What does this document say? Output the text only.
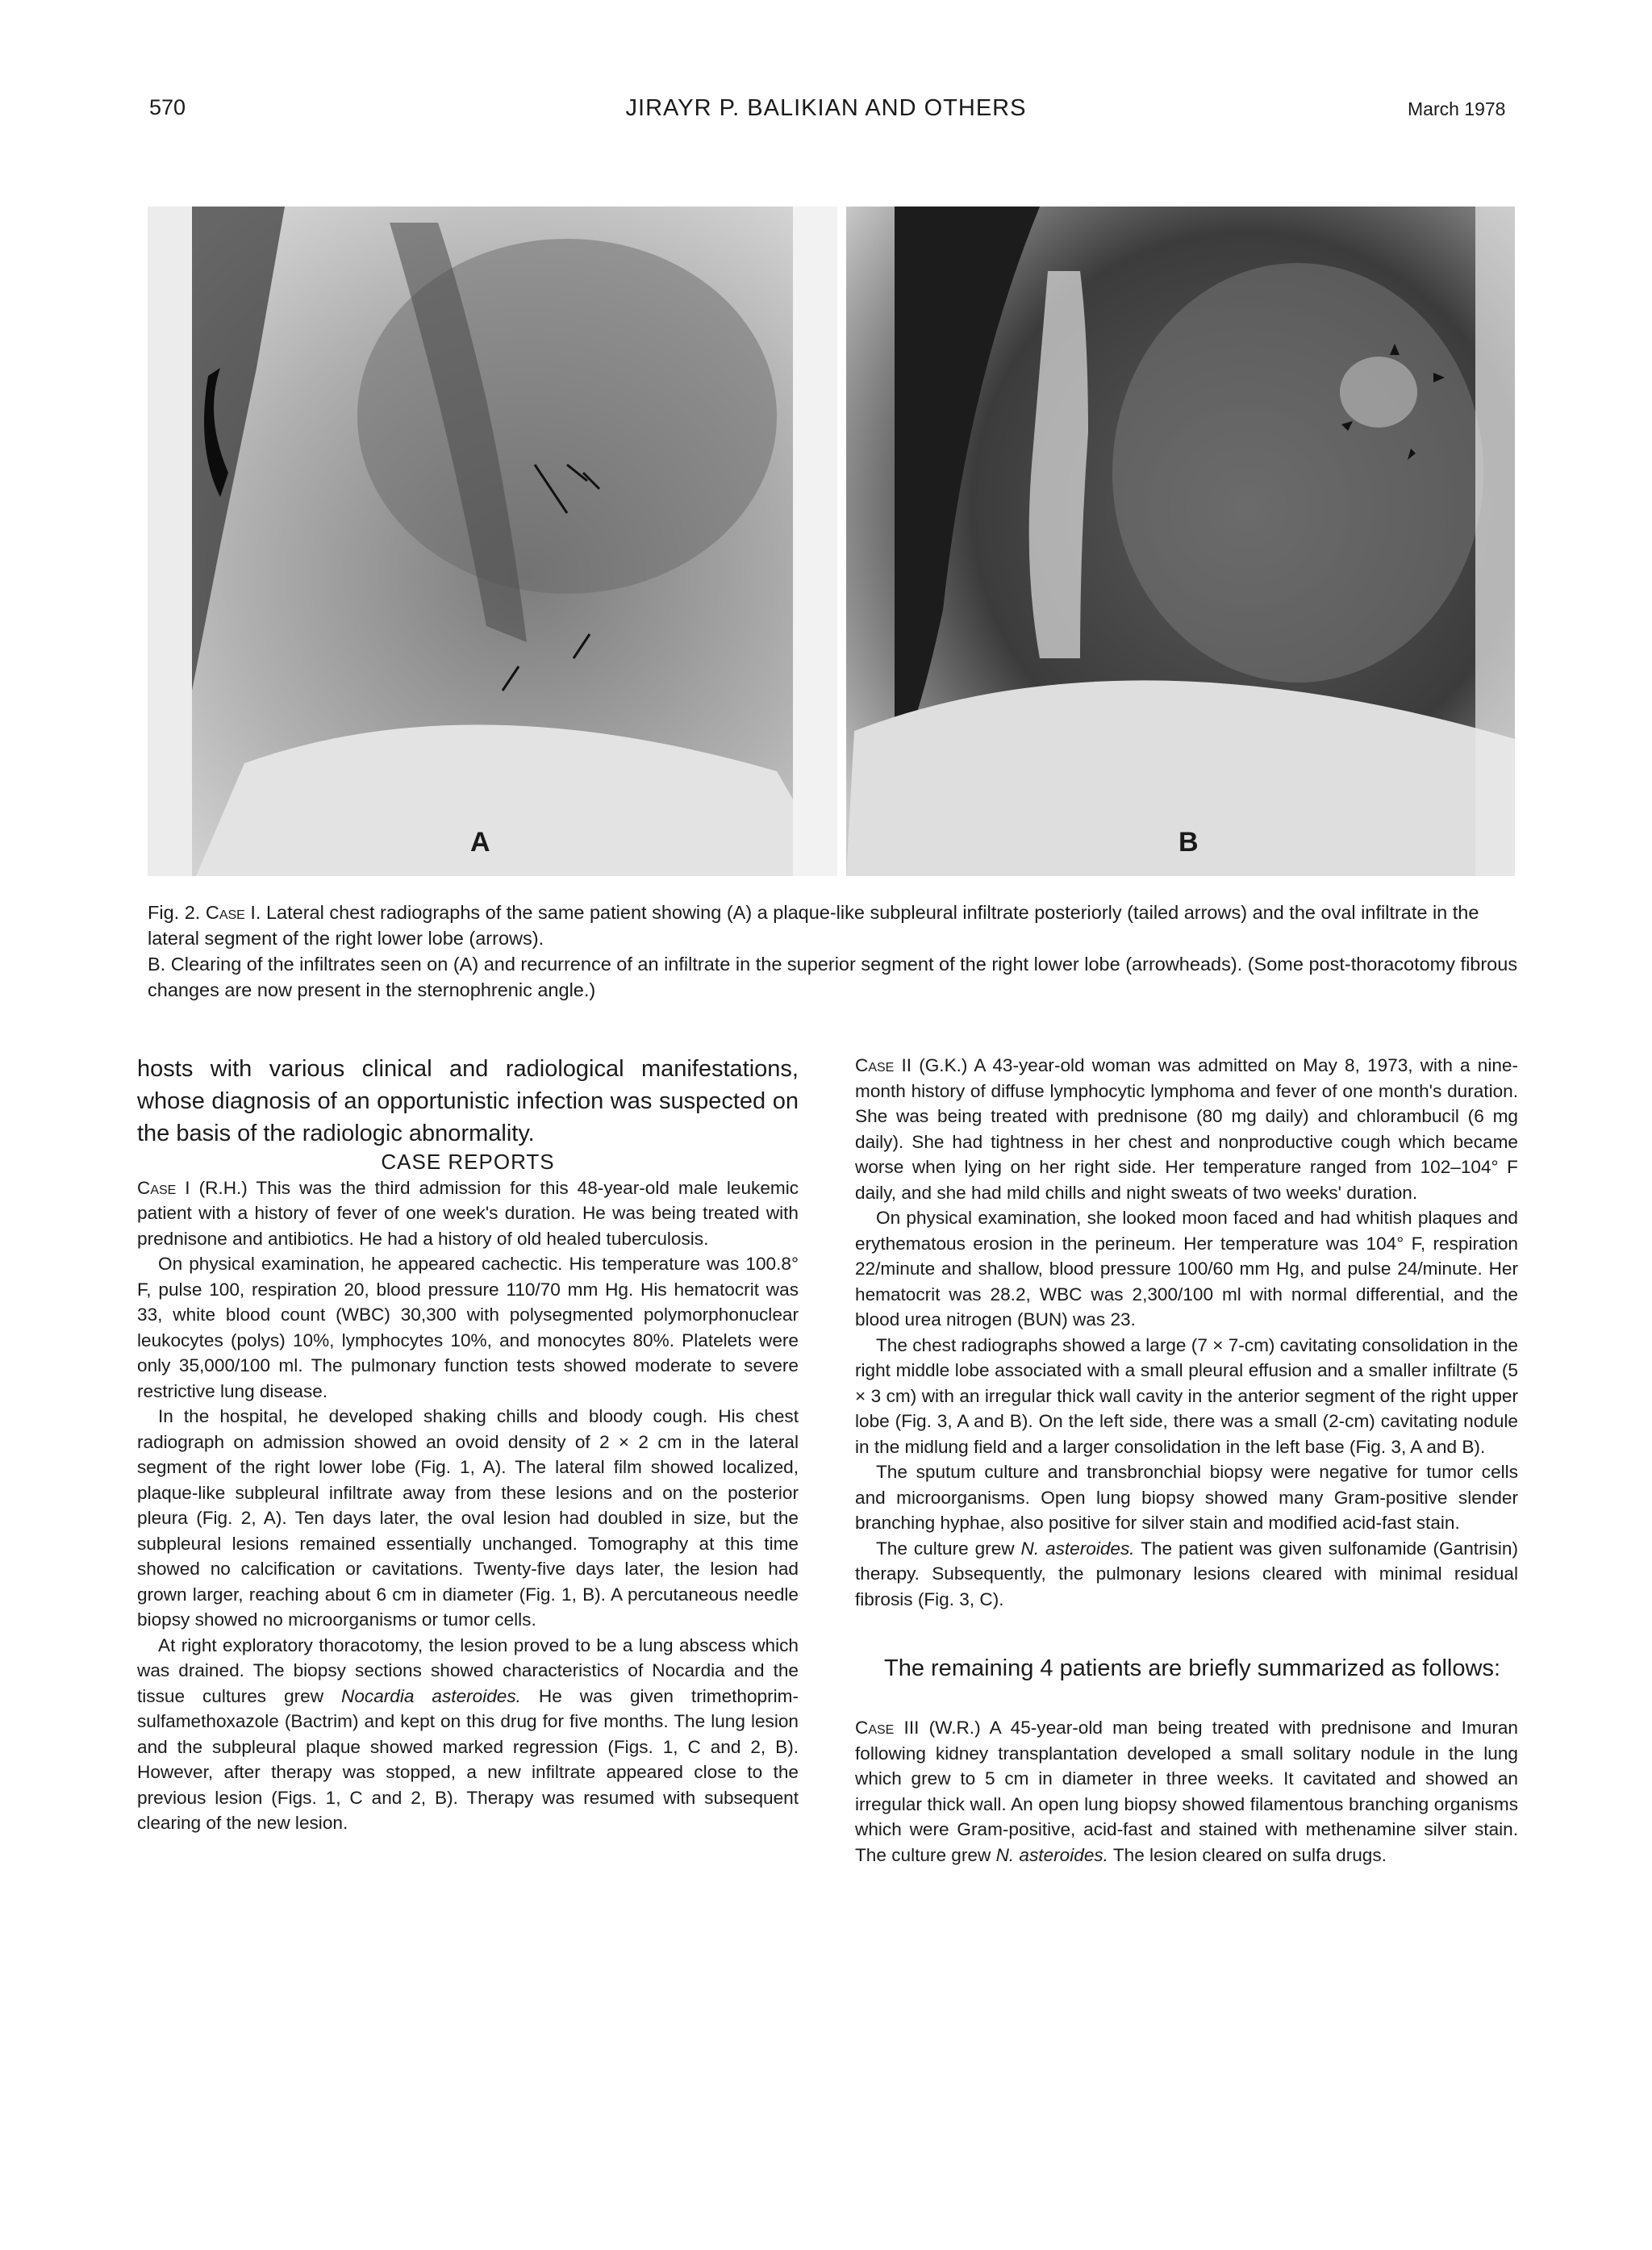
570	JIRAYR P. BALIKIAN AND OTHERS	March 1978
A	B

Fig. 2. Case I. Lateral chest radiographs of the same patient showing (A) a plaque-like subpleural infiltrate posteriorly (tailed arrows) and the oval infiltrate in the lateral segment of the right lower lobe (arrows).

B. Clearing of the infiltrates seen on (A) and recurrence of an infiltrate in the superior segment of the right lower lobe (arrowheads). (Some post-thoracotomy fibrous changes are now present in the sternophrenic angle.)

hosts with various clinical and radiological manifestations, whose diagnosis of an opportunistic infection was suspected on the basis of the radiologic abnormality.

CASE REPORTS

Case I (R.H.) This was the third admission for this 48-year-old male leukemic patient with a history of fever of one week's duration. He was being treated with prednisone and antibiotics. He had a history of old healed tuberculosis.

On physical examination, he appeared cachectic. His temperature was 100.8° F, pulse 100, respiration 20, blood pressure 110/70 mm Hg. His hematocrit was 33, white blood count (WBC) 30,300 with polysegmented polymorphonuclear leukocytes (polys) 10%, lymphocytes 10%, and monocytes 80%. Platelets were only 35,000/100 ml. The pulmonary function tests showed moderate to severe restrictive lung disease.

In the hospital, he developed shaking chills and bloody cough. His chest radiograph on admission showed an ovoid density of 2 × 2 cm in the lateral segment of the right lower lobe (Fig. 1, A). The lateral film showed localized, plaque-like subpleural infiltrate away from these lesions and on the posterior pleura (Fig. 2, A). Ten days later, the oval lesion had doubled in size, but the subpleural lesions remained essentially unchanged. Tomography at this time showed no calcification or cavitations. Twenty-five days later, the lesion had grown larger, reaching about 6 cm in diameter (Fig. 1, B). A percutaneous needle biopsy showed no microorganisms or tumor cells.

At right exploratory thoracotomy, the lesion proved to be a lung abscess which was drained. The biopsy sections showed characteristics of Nocardia and the tissue cultures grew Nocardia asteroides. He was given trimethoprim-sulfamethoxazole (Bactrim) and kept on this drug for five months. The lung lesion and the subpleural plaque showed marked regression (Figs. 1, C and 2, B). However, after therapy was stopped, a new infiltrate appeared close to the previous lesion (Figs. 1, C and 2, B). Therapy was resumed with subsequent clearing of the new lesion.

Case II (G.K.) A 43-year-old woman was admitted on May 8, 1973, with a nine-month history of diffuse lymphocytic lymphoma and fever of one month's duration. She was being treated with prednisone (80 mg daily) and chlorambucil (6 mg daily). She had tightness in her chest and nonproductive cough which became worse when lying on her right side. Her temperature ranged from 102–104° F daily, and she had mild chills and night sweats of two weeks' duration.

On physical examination, she looked moon faced and had whitish plaques and erythematous erosion in the perineum. Her temperature was 104° F, respiration 22/minute and shallow, blood pressure 100/60 mm Hg, and pulse 24/minute. Her hematocrit was 28.2, WBC was 2,300/100 ml with normal differential, and the blood urea nitrogen (BUN) was 23.

The chest radiographs showed a large (7 × 7-cm) cavitating consolidation in the right middle lobe associated with a small pleural effusion and a smaller infiltrate (5 × 3 cm) with an irregular thick wall cavity in the anterior segment of the right upper lobe (Fig. 3, A and B). On the left side, there was a small (2-cm) cavitating nodule in the midlung field and a larger consolidation in the left base (Fig. 3, A and B).

The sputum culture and transbronchial biopsy were negative for tumor cells and microorganisms. Open lung biopsy showed many Gram-positive slender branching hyphae, also positive for silver stain and modified acid-fast stain.

The culture grew N. asteroides. The patient was given sulfonamide (Gantrisin) therapy. Subsequently, the pulmonary lesions cleared with minimal residual fibrosis (Fig. 3, C).

The remaining 4 patients are briefly summarized as follows:

Case III (W.R.) A 45-year-old man being treated with prednisone and Imuran following kidney transplantation developed a small solitary nodule in the lung which grew to 5 cm in diameter in three weeks. It cavitated and showed an irregular thick wall. An open lung biopsy showed filamentous branching organisms which were Gram-positive, acid-fast and stained with methenamine silver stain. The culture grew N. asteroides. The lesion cleared on sulfa drugs.
